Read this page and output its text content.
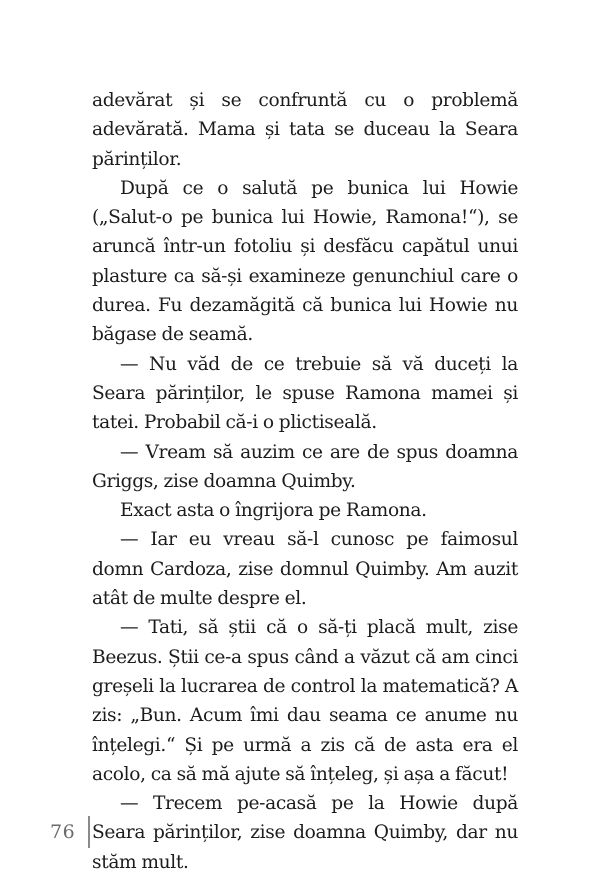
adevărat și se confruntă cu o problemă adevărată. Mama și tata se duceau la Seara părinților.

După ce o salută pe bunica lui Howie („Salut-o pe bunica lui Howie, Ramona!“), se aruncă într-un fotoliu și desfăcu capătul unui plasture ca să-și examineze genunchiul care o durea. Fu dezamăgită că bunica lui Howie nu băgase de seamă.

— Nu văd de ce trebuie să vă duceți la Seara părinților, le spuse Ramona mamei și tatei. Probabil că-i o plictiseală.

— Vream să auzim ce are de spus doamna Griggs, zise doamna Quimby.

Exact asta o îngrijora pe Ramona.

— Iar eu vreau să-l cunosc pe faimosul domn Cardoza, zise domnul Quimby. Am auzit atât de multe despre el.

— Tati, să știi că o să-ți placă mult, zise Beezus. Știi ce-a spus când a văzut că am cinci greșeli la lucrarea de control la matematică? A zis: „Bun. Acum îmi dau seama ce anume nu înțelegi.“ Și pe urmă a zis că de asta era el acolo, ca să mă ajute să înțeleg, și așa a făcut!

— Trecem pe-acasă pe la Howie după Seara părinților, zise doamna Quimby, dar nu stăm mult.

76
